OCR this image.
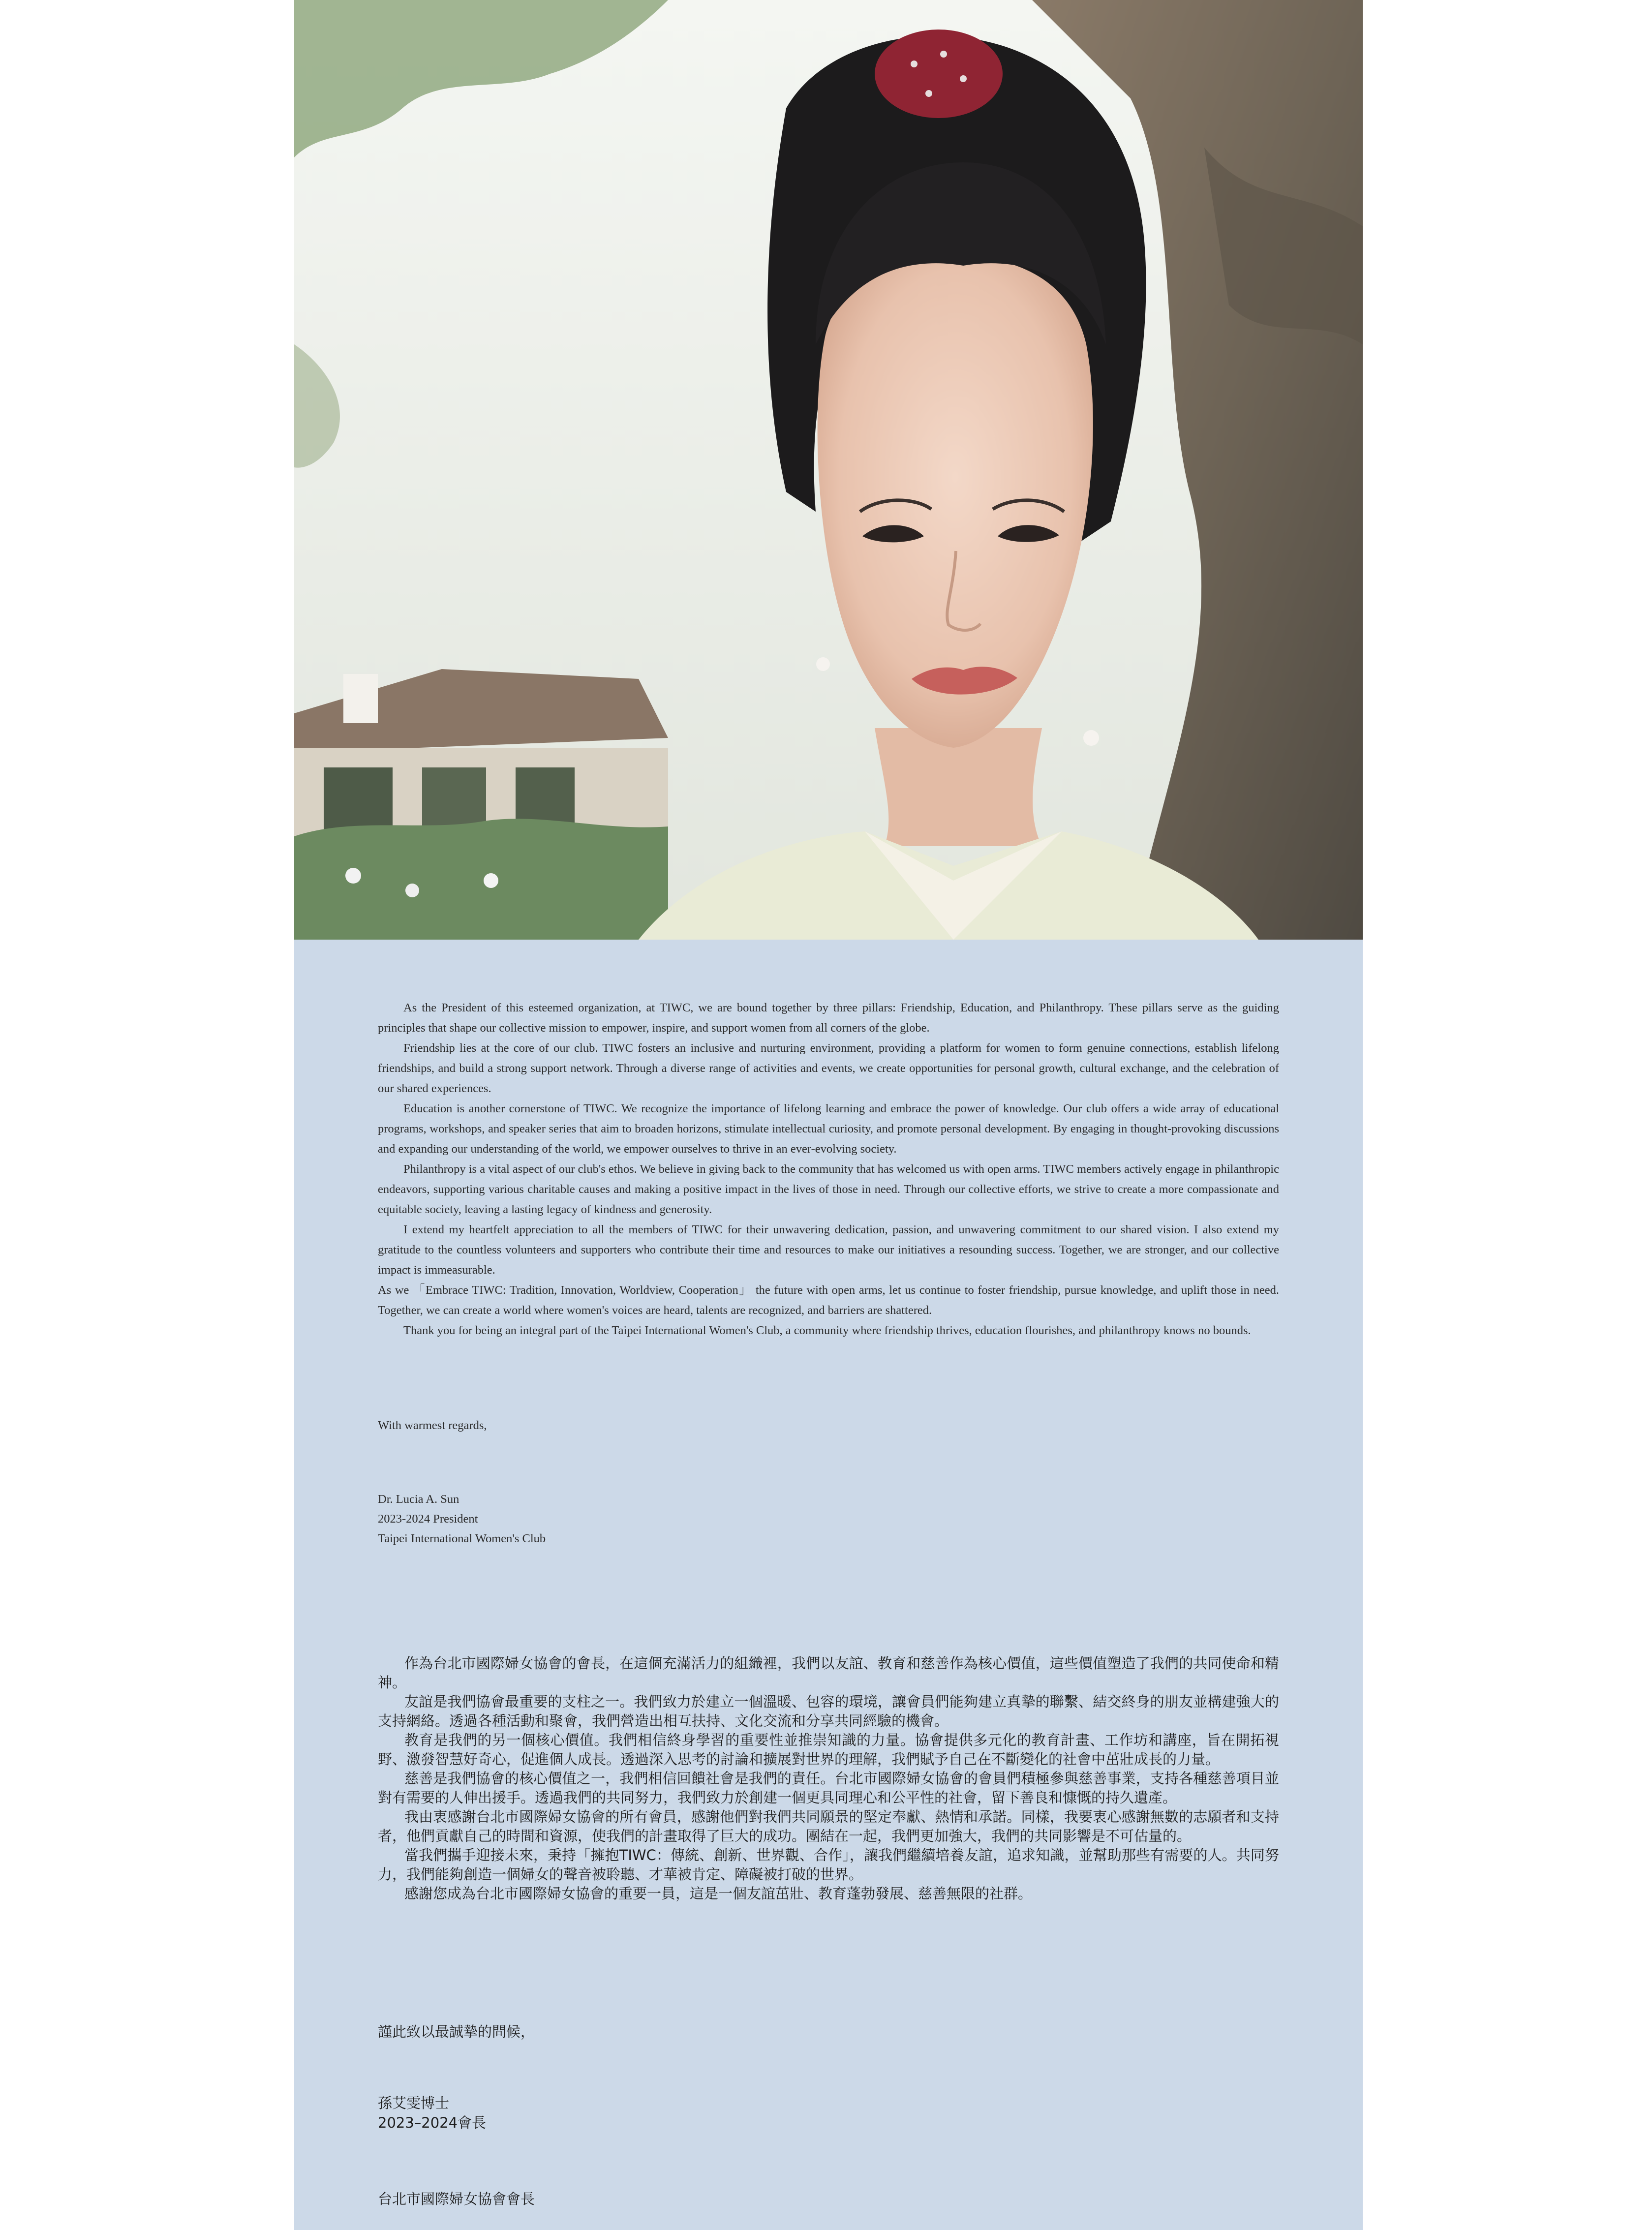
As the President of this esteemed organization, at TIWC, we are bound together by three pillars: Friendship, Education, and Philanthropy. These pillars serve as the guiding principles that shape our collective mission to empower, inspire, and support women from all corners of the globe.

Friendship lies at the core of our club. TIWC fosters an inclusive and nurturing environment, providing a platform for women to form genuine connections, establish lifelong friendships, and build a strong support network. Through a diverse range of activities and events, we create opportunities for personal growth, cultural exchange, and the celebration of our shared experiences.

Education is another cornerstone of TIWC. We recognize the importance of lifelong learning and embrace the power of knowledge. Our club offers a wide array of educational programs, workshops, and speaker series that aim to broaden horizons, stimulate intellectual curiosity, and promote personal development. By engaging in thought-provoking discussions and expanding our understanding of the world, we empower ourselves to thrive in an ever-evolving society.

Philanthropy is a vital aspect of our club's ethos. We believe in giving back to the community that has welcomed us with open arms. TIWC members actively engage in philanthropic endeavors, supporting various charitable causes and making a positive impact in the lives of those in need. Through our collective efforts, we strive to create a more compassionate and equitable society, leaving a lasting legacy of kindness and generosity.

I extend my heartfelt appreciation to all the members of TIWC for their unwavering dedication, passion, and unwavering commitment to our shared vision. I also extend my gratitude to the countless volunteers and supporters who contribute their time and resources to make our initiatives a resounding success. Together, we are stronger, and our collective impact is immeasurable.

As we 「Embrace TIWC: Tradition, Innovation, Worldview, Cooperation」 the future with open arms, let us continue to foster friendship, pursue knowledge, and uplift those in need. Together, we can create a world where women's voices are heard, talents are recognized, and barriers are shattered.

Thank you for being an integral part of the Taipei International Women's Club, a community where friendship thrives, education flourishes, and philanthropy knows no bounds.

With warmest regards,
Dr. Lucia A. Sun
2023-2024 President
Taipei International Women's Club

作為台北市國際婦女協會的會長，在這個充滿活力的組織裡，我們以友誼、教育和慈善作為核心價值，這些價值塑造了我們的共同使命和精神。

友誼是我們協會最重要的支柱之一。我們致力於建立一個溫暖、包容的環境，讓會員們能夠建立真摯的聯繫、結交終身的朋友並構建強大的支持網絡。透過各種活動和聚會，我們營造出相互扶持、文化交流和分享共同經驗的機會。

教育是我們的另一個核心價值。我們相信終身學習的重要性並推崇知識的力量。協會提供多元化的教育計畫、工作坊和講座，旨在開拓視野、激發智慧好奇心，促進個人成長。透過深入思考的討論和擴展對世界的理解，我們賦予自己在不斷變化的社會中茁壯成長的力量。

慈善是我們協會的核心價值之一，我們相信回饋社會是我們的責任。台北市國際婦女協會的會員們積極參與慈善事業，支持各種慈善項目並對有需要的人伸出援手。透過我們的共同努力，我們致力於創建一個更具同理心和公平性的社會，留下善良和慷慨的持久遺產。

我由衷感謝台北市國際婦女協會的所有會員，感謝他們對我們共同願景的堅定奉獻、熱情和承諾。同樣，我要衷心感謝無數的志願者和支持者，他們貢獻自己的時間和資源，使我們的計畫取得了巨大的成功。團結在一起，我們更加強大，我們的共同影響是不可估量的。

當我們攜手迎接未來，秉持「擁抱TIWC：傳統、創新、世界觀、合作」，讓我們繼續培養友誼，追求知識，並幫助那些有需要的人。共同努力，我們能夠創造一個婦女的聲音被聆聽、才華被肯定、障礙被打破的世界。

感謝您成為台北市國際婦女協會的重要一員，這是一個友誼茁壯、教育蓬勃發展、慈善無限的社群。

謹此致以最誠摯的問候，
孫艾雯博士
2023–2024會長
台北市國際婦女協會會長
